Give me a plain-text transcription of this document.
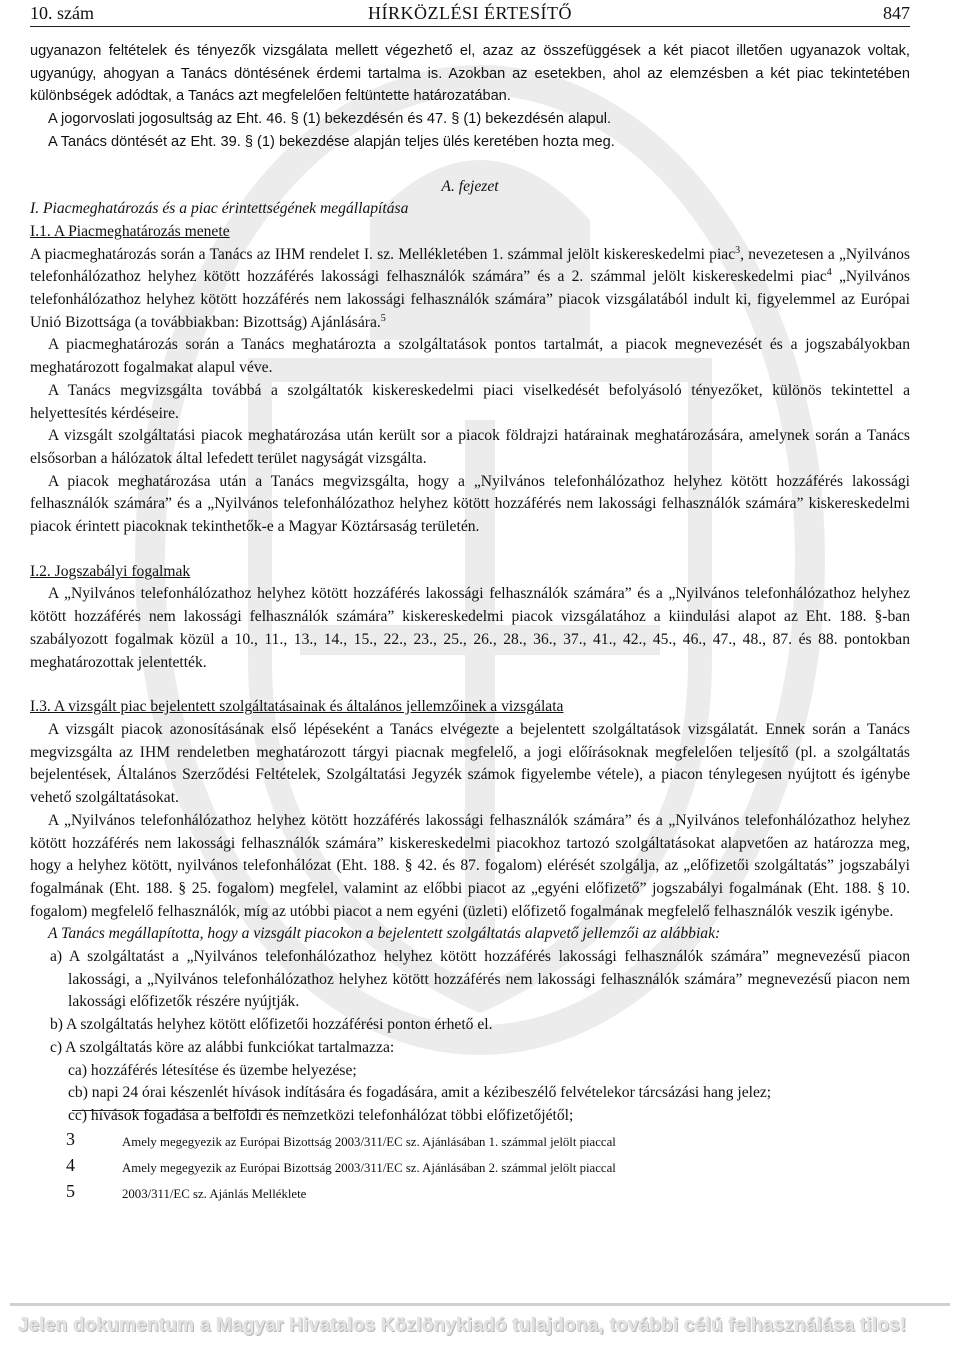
10. szám	HÍRKÖZLÉSI ÉRTESÍTŐ	847

ugyanazon feltételek és tényezők vizsgálata mellett végezhető el, azaz az összefüggések a két piacot illetően ugyanazok voltak, ugyanúgy, ahogyan a Tanács döntésének érdemi tartalma is. Azokban az esetekben, ahol az elemzésben a két piac tekintetében különbségek adódtak, a Tanács azt megfelelően feltüntette határozatában.

A jogorvoslati jogosultság az Eht. 46. § (1) bekezdésén és 47. § (1) bekezdésén alapul.

A Tanács döntését az Eht. 39. § (1) bekezdése alapján teljes ülés keretében hozta meg.

A. fejezet

I. Piacmeghatározás és a piac érintettségének megállapítása

I.1. A Piacmeghatározás menete

A piacmeghatározás során a Tanács az IHM rendelet I. sz. Mellékletében 1. számmal jelölt kiskereskedelmi piac$^3$, nevezetesen a „Nyilvános telefonhálózathoz helyhez kötött hozzáférés lakossági felhasználók számára” és a 2. számmal jelölt kiskereskedelmi piac$^4$ „Nyilvános telefonhálózathoz helyhez kötött hozzáférés nem lakossági felhasználók számára” piacok vizsgálatából indult ki, figyelemmel az Európai Unió Bizottsága (a továbbiakban: Bizottság) Ajánlására.$^5$

A piacmeghatározás során a Tanács meghatározta a szolgáltatások pontos tartalmát, a piacok megnevezését és a jogszabályokban meghatározott fogalmakat alapul véve.

A Tanács megvizsgálta továbbá a szolgáltatók kiskereskedelmi piaci viselkedését befolyásoló tényezőket, különös tekintettel a helyettesítés kérdéseire.

A vizsgált szolgáltatási piacok meghatározása után került sor a piacok földrajzi határainak meghatározására, amelynek során a Tanács elsősorban a hálózatok által lefedett terület nagyságát vizsgálta.

A piacok meghatározása után a Tanács megvizsgálta, hogy a „Nyilvános telefonhálózathoz helyhez kötött hozzáférés lakossági felhasználók számára” és a „Nyilvános telefonhálózathoz helyhez kötött hozzáférés nem lakossági felhasználók számára” kiskereskedelmi piacok érintett piacoknak tekinthetők-e a Magyar Köztársaság területén.

I.2. Jogszabályi fogalmak

A „Nyilvános telefonhálózathoz helyhez kötött hozzáférés lakossági felhasználók számára” és a „Nyilvános telefonhálózathoz helyhez kötött hozzáférés nem lakossági felhasználók számára” kiskereskedelmi piacok vizsgálatához a kiindulási alapot az Eht. 188. §-ban szabályozott fogalmak közül a 10., 11., 13., 14., 15., 22., 23., 25., 26., 28., 36., 37., 41., 42., 45., 46., 47., 48., 87. és 88. pontokban meghatározottak jelentették.

I.3. A vizsgált piac bejelentett szolgáltatásainak és általános jellemzőinek a vizsgálata

A vizsgált piacok azonosításának első lépéseként a Tanács elvégezte a bejelentett szolgáltatások vizsgálatát. Ennek során a Tanács megvizsgálta az IHM rendeletben meghatározott tárgyi piacnak megfelelő, a jogi előírásoknak megfelelően teljesítő (pl. a szolgáltatás bejelentések, Általános Szerződési Feltételek, Szolgáltatási Jegyzék számok figyelembe vétele), a piacon ténylegesen nyújtott és igénybe vehető szolgáltatásokat.

A „Nyilvános telefonhálózathoz helyhez kötött hozzáférés lakossági felhasználók számára” és a „Nyilvános telefonhálózathoz helyhez kötött hozzáférés nem lakossági felhasználók számára” kiskereskedelmi piacokhoz tartozó szolgáltatásokat alapvetően az határozza meg, hogy a helyhez kötött, nyilvános telefonhálózat (Eht. 188. § 42. és 87. fogalom) elérését szolgálja, az „előfizetői szolgáltatás” jogszabályi fogalmának (Eht. 188. § 25. fogalom) megfelel, valamint az előbbi piacot az „egyéni előfizető” jogszabályi fogalmának (Eht. 188. § 10. fogalom) megfelelő felhasználók, míg az utóbbi piacot a nem egyéni (üzleti) előfizető fogalmának megfelelő felhasználók veszik igénybe.

A Tanács megállapította, hogy a vizsgált piacokon a bejelentett szolgáltatás alapvető jellemzői az alábbiak:

a) A szolgáltatást a „Nyilvános telefonhálózathoz helyhez kötött hozzáférés lakossági felhasználók számára” megnevezésű piacon lakossági, a „Nyilvános telefonhálózathoz helyhez kötött hozzáférés nem lakossági felhasználók számára” megnevezésű piacon nem lakossági előfizetők részére nyújtják.

b) A szolgáltatás helyhez kötött előfizetői hozzáférési ponton érhető el.

c) A szolgáltatás köre az alábbi funkciókat tartalmazza:

ca) hozzáférés létesítése és üzembe helyezése;

cb) napi 24 órai készenlét hívások indítására és fogadására, amit a kézibeszélő felvételekor tárcsázási hang jelez;

cc) hívások fogadása a belföldi és nemzetközi telefonhálózat többi előfizetőjétől;

3	Amely megegyezik az Európai Bizottság 2003/311/EC sz. Ajánlásában 1. számmal jelölt piaccal
4	Amely megegyezik az Európai Bizottság 2003/311/EC sz. Ajánlásában 2. számmal jelölt piaccal
5	2003/311/EC sz. Ajánlás Melléklete
Jelen dokumentum a Magyar Hivatalos Közlönykiadó tulajdona, további célú felhasználása tilos!
